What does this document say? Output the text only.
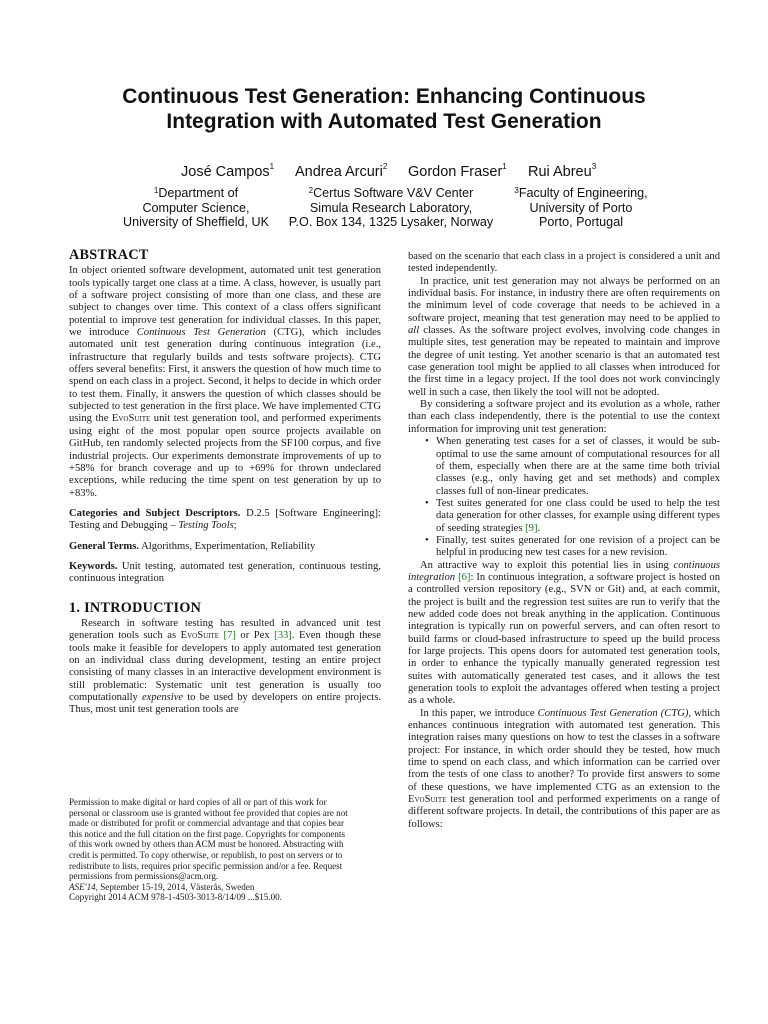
Continuous Test Generation: Enhancing Continuous
Integration with Automated Test Generation
José Campos$^1$ Andrea Arcuri$^2$ Gordon Fraser$^1$ Rui Abreu$^3$
$^1$Department of
Computer Science,
University of Sheffield, UK
$^2$Certus Software V&V Center
Simula Research Laboratory,
P.O. Box 134, 1325 Lysaker, Norway
$^3$Faculty of Engineering,
University of Porto
Porto, Portugal
ABSTRACT

In object oriented software development, automated unit test generation tools typically target one class at a time. A class, however, is usually part of a software project consisting of more than one class, and these are subject to changes over time. This context of a class offers significant potential to improve test generation for individual classes. In this paper, we introduce Continuous Test Generation (CTG), which includes automated unit test generation during continuous integration (i.e., infrastructure that regularly builds and tests software projects). CTG offers several benefits: First, it answers the question of how much time to spend on each class in a project. Second, it helps to decide in which order to test them. Finally, it answers the question of which classes should be subjected to test generation in the first place. We have implemented CTG using the EvoSuite unit test generation tool, and performed experiments using eight of the most popular open source projects available on GitHub, ten randomly selected projects from the SF100 corpus, and five industrial projects. Our experiments demonstrate improvements of up to +58% for branch coverage and up to +69% for thrown undeclared exceptions, while reducing the time spent on test generation by up to +83%.

Categories and Subject Descriptors. D.2.5 [Software Engineering]: Testing and Debugging – Testing Tools;

General Terms. Algorithms, Experimentation, Reliability

Keywords. Unit testing, automated test generation, continuous testing, continuous integration

1. INTRODUCTION

Research in software testing has resulted in advanced unit test generation tools such as EvoSuite [7] or Pex [33]. Even though these tools make it feasible for developers to apply automated test generation on an individual class during development, testing an entire project consisting of many classes in an interactive development environment is still problematic: Systematic unit test generation is usually too computationally expensive to be used by developers on entire projects. Thus, most unit test generation tools are

Permission to make digital or hard copies of all or part of this work for
personal or classroom use is granted without fee provided that copies are not
made or distributed for profit or commercial advantage and that copies bear
this notice and the full citation on the first page. Copyrights for components
of this work owned by others than ACM must be honored. Abstracting with
credit is permitted. To copy otherwise, or republish, to post on servers or to
redistribute to lists, requires prior specific permission and/or a fee. Request
permissions from permissions@acm.org.
ASE'14, September 15-19, 2014, Västerås, Sweden
Copyright 2014 ACM 978-1-4503-3013-8/14/09 ...$15.00.

based on the scenario that each class in a project is considered a unit and tested independently.

In practice, unit test generation may not always be performed on an individual basis. For instance, in industry there are often requirements on the minimum level of code coverage that needs to be achieved in a software project, meaning that test generation may need to be applied to all classes. As the software project evolves, involving code changes in multiple sites, test generation may be repeated to maintain and improve the degree of unit testing. Yet another scenario is that an automated test case generation tool might be applied to all classes when introduced for the first time in a legacy project. If the tool does not work convincingly well in such a case, then likely the tool will not be adopted.

By considering a software project and its evolution as a whole, rather than each class independently, there is the potential to use the context information for improving unit test generation:

• When generating test cases for a set of classes, it would be sub-optimal to use the same amount of computational resources for all of them, especially when there are at the same time both trivial classes (e.g., only having get and set methods) and complex classes full of non-linear predicates.
• Test suites generated for one class could be used to help the test data generation for other classes, for example using different types of seeding strategies [9].
• Finally, test suites generated for one revision of a project can be helpful in producing new test cases for a new revision.

An attractive way to exploit this potential lies in using continuous integration [6]: In continuous integration, a software project is hosted on a controlled version repository (e.g., SVN or Git) and, at each commit, the project is built and the regression test suites are run to verify that the new added code does not break anything in the application. Continuous integration is typically run on powerful servers, and can often resort to build farms or cloud-based infrastructure to speed up the build process for large projects. This opens doors for automated test generation tools, in order to enhance the typically manually generated regression test suites with automatically generated test cases, and it allows the test generation tools to exploit the advantages offered when testing a project as a whole.

In this paper, we introduce Continuous Test Generation (CTG), which enhances continuous integration with automated test generation. This integration raises many questions on how to test the classes in a software project: For instance, in which order should they be tested, how much time to spend on each class, and which information can be carried over from the tests of one class to another? To provide first answers to some of these questions, we have implemented CTG as an extension to the EvoSuite test generation tool and performed experiments on a range of different software projects. In detail, the contributions of this paper are as follows:
